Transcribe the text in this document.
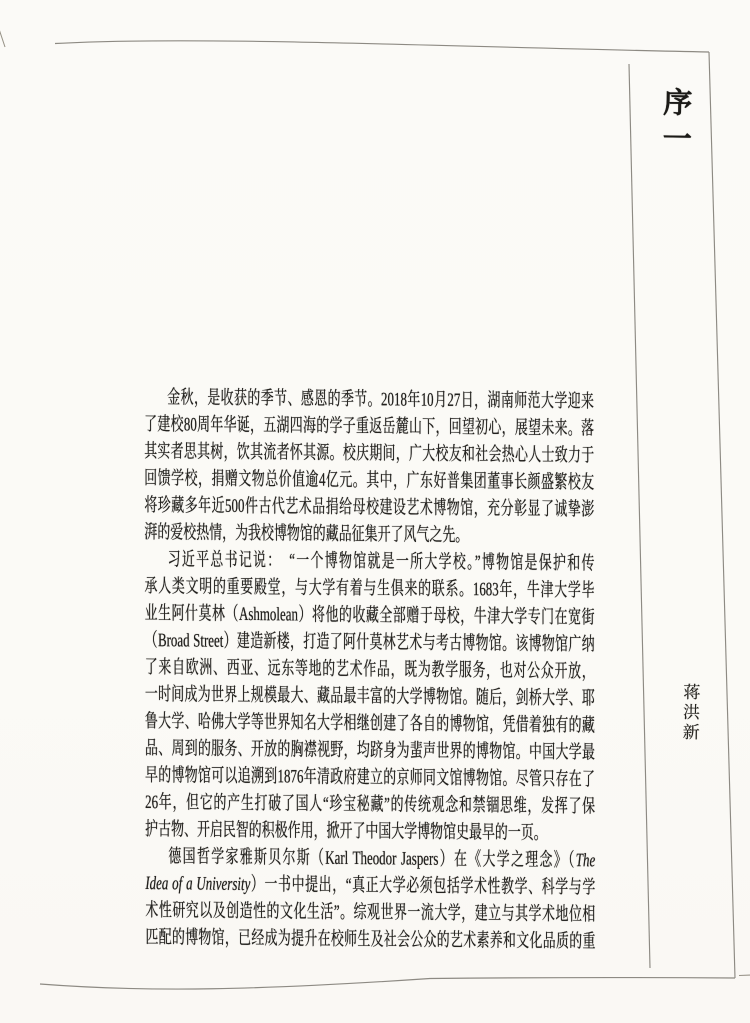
序一
蒋洪新
金秋，是收获的季节、感恩的季节。2018年10月27日，湖南师范大学迎来
了建校80周年华诞，五湖四海的学子重返岳麓山下，回望初心，展望未来。落
其实者思其树，饮其流者怀其源。校庆期间，广大校友和社会热心人士致力于
回馈学校，捐赠文物总价值逾4亿元。其中，广东好普集团董事长颜盛繁校友
将珍藏多年近500件古代艺术品捐给母校建设艺术博物馆，充分彰显了诚挚澎
湃的爱校热情，为我校博物馆的藏品征集开了风气之先。
习近平总书记说：　“一个博物馆就是一所大学校。”博物馆是保护和传
承人类文明的重要殿堂，与大学有着与生俱来的联系。1683年，牛津大学毕
业生阿什莫林（Ashmolean）将他的收藏全部赠于母校，牛津大学专门在宽街
（Broad Street）建造新楼，打造了阿什莫林艺术与考古博物馆。该博物馆广纳
了来自欧洲、西亚、远东等地的艺术作品，既为教学服务，也对公众开放，
一时间成为世界上规模最大、藏品最丰富的大学博物馆。随后，剑桥大学、耶
鲁大学、哈佛大学等世界知名大学相继创建了各自的博物馆，凭借着独有的藏
品、周到的服务、开放的胸襟视野，均跻身为蜚声世界的博物馆。中国大学最
早的博物馆可以追溯到1876年清政府建立的京师同文馆博物馆。尽管只存在了
26年，但它的产生打破了国人“珍宝秘藏”的传统观念和禁锢思维，发挥了保
护古物、开启民智的积极作用，掀开了中国大学博物馆史最早的一页。
德国哲学家雅斯贝尔斯（Karl Theodor Jaspers）在《大学之理念》（The
Idea of a University）一书中提出，“真正大学必须包括学术性教学、科学与学
术性研究以及创造性的文化生活”。综观世界一流大学，建立与其学术地位相
匹配的博物馆，已经成为提升在校师生及社会公众的艺术素养和文化品质的重
